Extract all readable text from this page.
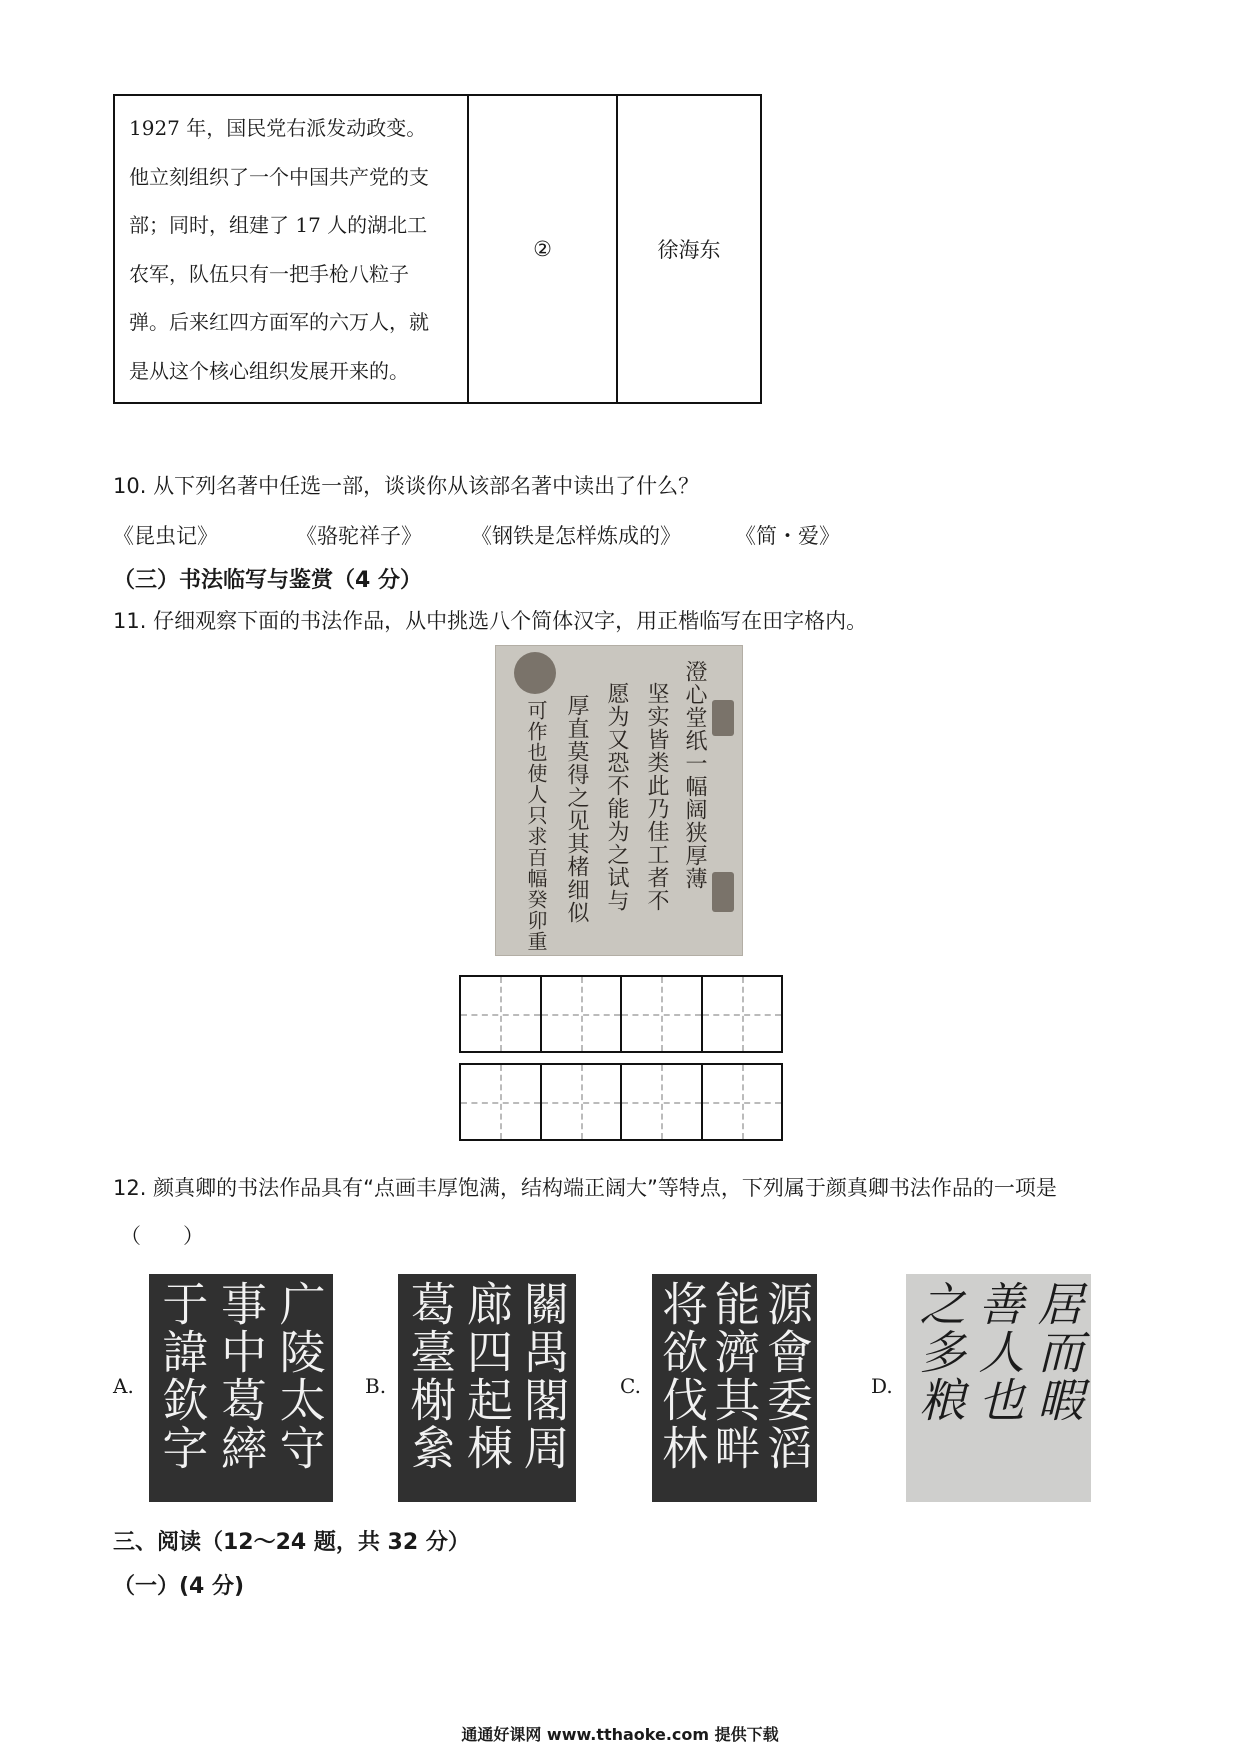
1927 年，国民党右派发动政变。
他立刻组织了一个中国共产党的支
部；同时，组建了 17 人的湖北工
农军，队伍只有一把手枪八粒子
弹。后来红四方面军的六万人，就
是从这个核心组织发展开来的。
②	徐海东
10. 从下列名著中任选一部，谈谈你从该部名著中读出了什么？
《昆虫记》	《骆驼祥子》 《钢铁是怎样炼成的》	《简・爱》
（三）书法临写与鉴赏（4 分）
11. 仔细观察下面的书法作品，从中挑选八个简体汉字，用正楷临写在田字格内。
澄心堂纸一幅阔狭厚薄
坚实皆类此乃佳工者不
愿为又恐不能为之试与
厚直莫得之见其楮细似
可作也使人只求百幅癸卯重
12. 颜真卿的书法作品具有“点画丰厚饱满，结构端正阔大”等特点，下列属于颜真卿书法作品的一项是
（　　）
A.	广陵太守
事中葛繂
于諱欽字	B.	關禺閣周
廊四起棟
葛臺榭絫	C.	源會委滔
能濟其畔
将欲伐林	D.	居而暇
善人也
之多粮
三、阅读（12～24 题，共 32 分）
（一）(4 分)
通通好课网 www.tthaoke.com 提供下载
